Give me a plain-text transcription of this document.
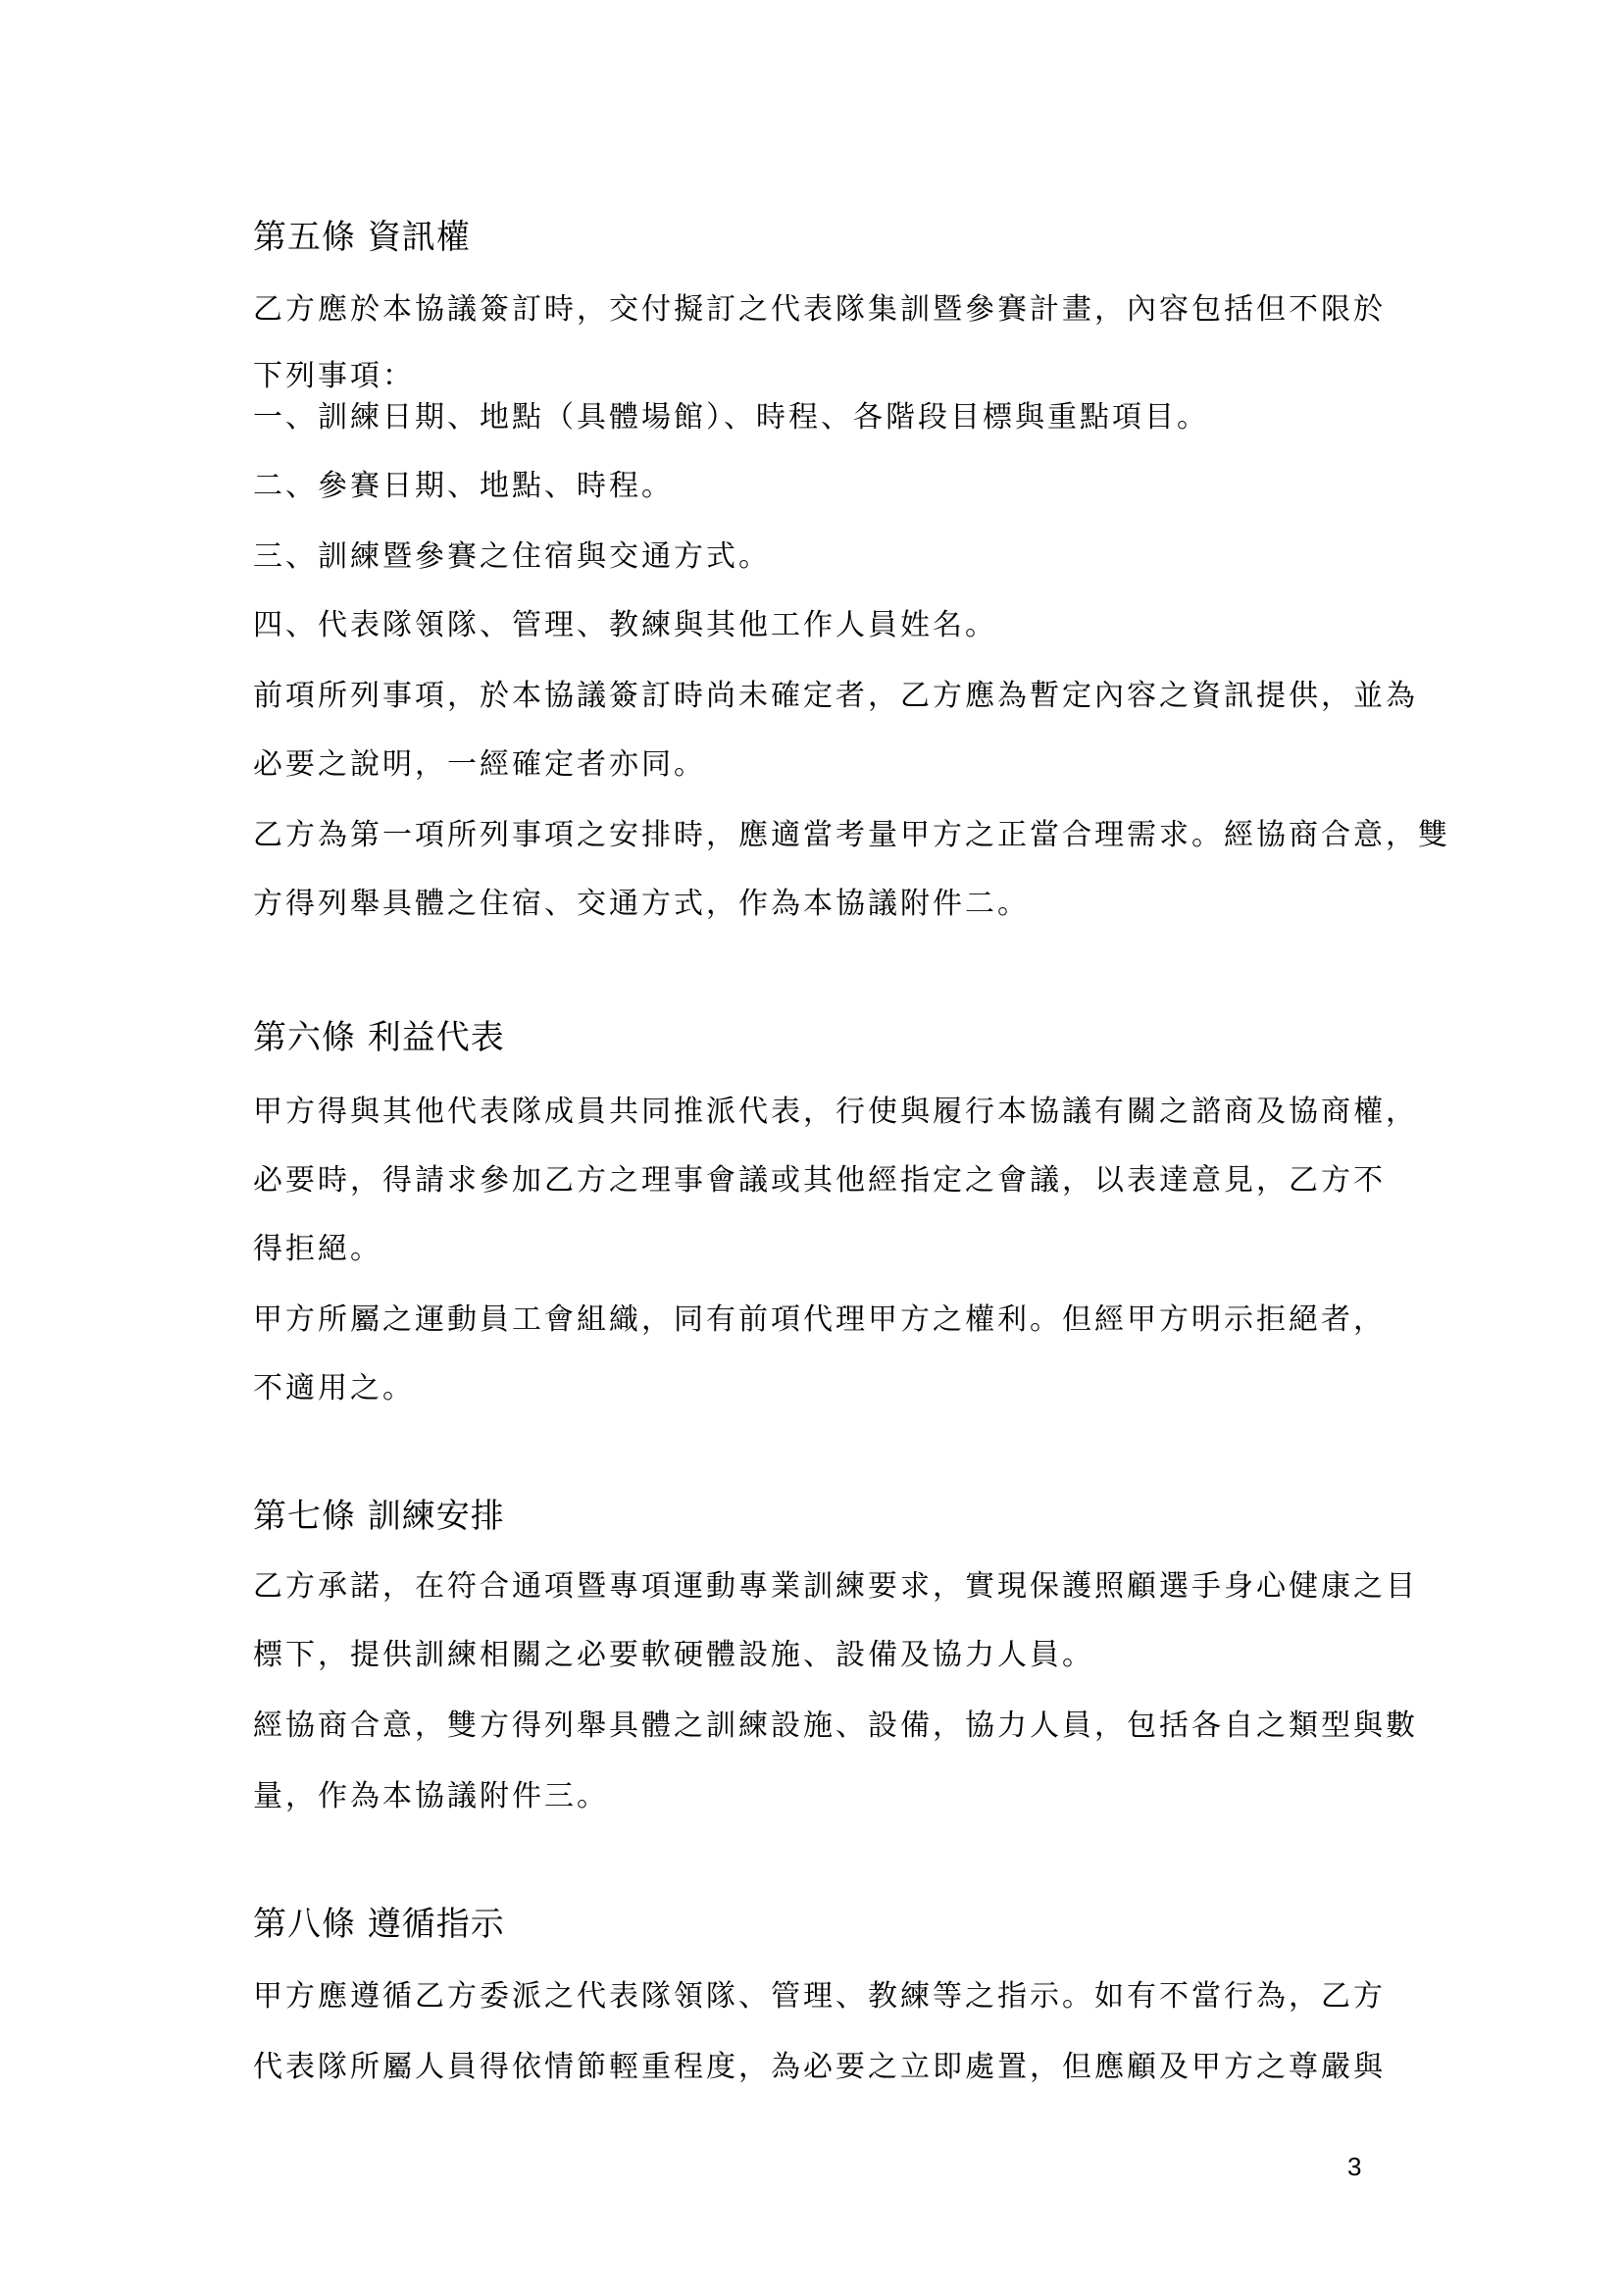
第五條 資訊權
乙方應於本協議簽訂時，交付擬訂之代表隊集訓暨參賽計畫，內容包括但不限於
下列事項：
一、訓練日期、地點（具體場館）、時程、各階段目標與重點項目。
二、參賽日期、地點、時程。
三、訓練暨參賽之住宿與交通方式。
四、代表隊領隊、管理、教練與其他工作人員姓名。
前項所列事項，於本協議簽訂時尚未確定者，乙方應為暫定內容之資訊提供，並為
必要之說明，一經確定者亦同。
乙方為第一項所列事項之安排時，應適當考量甲方之正當合理需求。經協商合意，雙
方得列舉具體之住宿、交通方式，作為本協議附件二。
第六條 利益代表
甲方得與其他代表隊成員共同推派代表，行使與履行本協議有關之諮商及協商權，
必要時，得請求參加乙方之理事會議或其他經指定之會議，以表達意見，乙方不
得拒絕。
甲方所屬之運動員工會組織，同有前項代理甲方之權利。但經甲方明示拒絕者，
不適用之。
第七條 訓練安排
乙方承諾，在符合通項暨專項運動專業訓練要求，實現保護照顧選手身心健康之目
標下，提供訓練相關之必要軟硬體設施、設備及協力人員。
經協商合意，雙方得列舉具體之訓練設施、設備，協力人員，包括各自之類型與數
量，作為本協議附件三。
第八條 遵循指示
甲方應遵循乙方委派之代表隊領隊、管理、教練等之指示。如有不當行為，乙方
代表隊所屬人員得依情節輕重程度，為必要之立即處置，但應顧及甲方之尊嚴與
3
